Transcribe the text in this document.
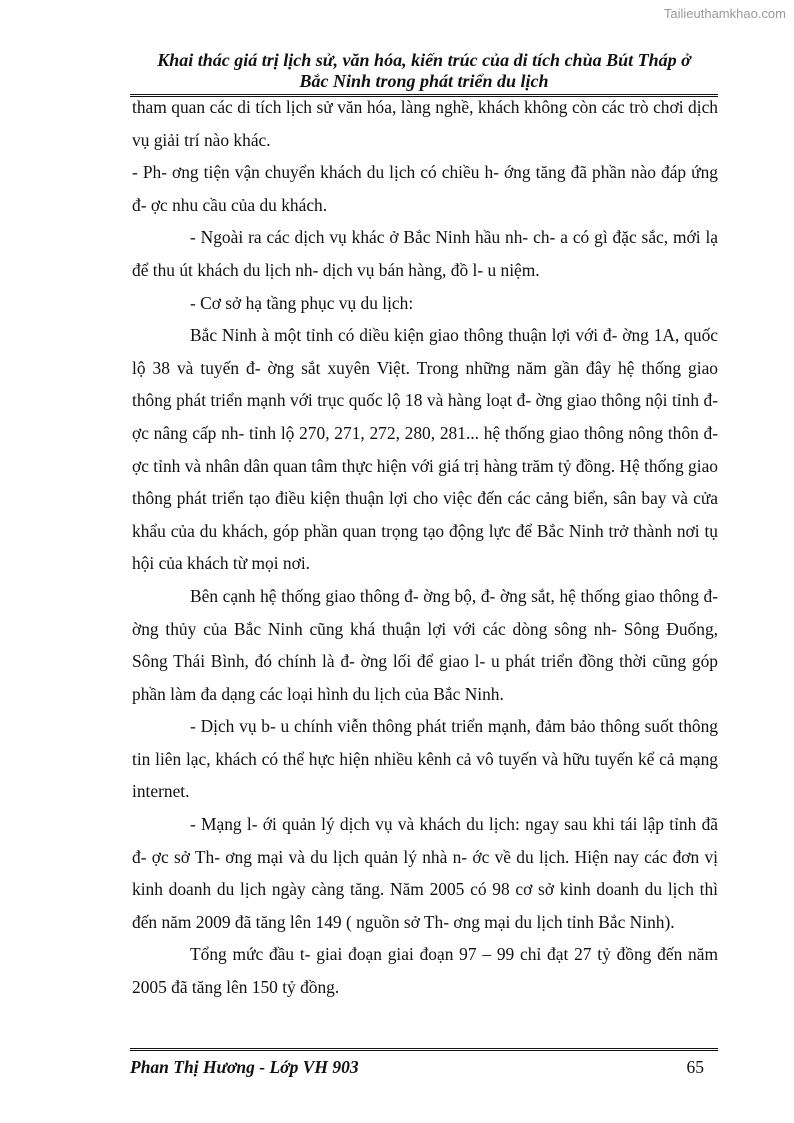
Tailieuthamkhao.com
Khai thác giá trị lịch sử, văn hóa, kiến trúc của di tích chùa Bút Tháp ở
Bắc Ninh trong phát triển du lịch

tham quan các di tích lịch sử văn hóa, làng nghề, khách không còn các trò chơi dịch vụ giải trí nào khác.

- Ph- ơng tiện vận chuyển khách du lịch có chiều h- ớng tăng đã phần nào đáp ứng đ- ợc nhu cầu của du khách.

- Ngoài ra các dịch vụ khác ở Bắc Ninh hầu nh- ch- a có gì đặc sắc, mới lạ để thu út khách du lịch nh- dịch vụ bán hàng, đồ l- u niệm.

- Cơ sở hạ tầng phục vụ du lịch:

Bắc Ninh à một tỉnh có diều kiện giao thông thuận lợi với đ- ờng 1A, quốc lộ 38 và tuyến đ- ờng sắt xuyên Việt. Trong những năm gần đây hệ thống giao thông phát triển mạnh với trục quốc lộ 18 và hàng loạt đ- ờng giao thông nội tỉnh đ- ợc nâng cấp nh- tỉnh lộ 270, 271, 272, 280, 281... hệ thống giao thông nông thôn đ- ợc tỉnh và nhân dân quan tâm thực hiện với giá trị hàng trăm tỷ đồng. Hệ thống giao thông phát triển tạo điều kiện thuận lợi cho việc đến các cảng biển, sân bay và cửa khẩu của du khách, góp phần quan trọng tạo động lực để Bắc Ninh trở thành nơi tụ hội của khách từ mọi nơi.

Bên cạnh hệ thống giao thông đ- ờng bộ, đ- ờng sắt, hệ thống giao thông đ- ờng thủy của Bắc Ninh cũng khá thuận lợi với các dòng sông nh- Sông Đuống, Sông Thái Bình, đó chính là đ- ờng lối để giao l- u phát triển đồng thời cũng góp phần làm đa dạng các loại hình du lịch của Bắc Ninh.

- Dịch vụ b- u chính viễn thông phát triển mạnh, đảm bảo thông suốt thông tin liên lạc, khách có thể hực hiện nhiều kênh cả vô tuyến và hữu tuyến kể cả mạng internet.

- Mạng l- ới quản lý dịch vụ và khách du lịch: ngay sau khi tái lập tỉnh đã đ- ợc sở Th- ơng mại và du lịch quản lý nhà n- ớc về du lịch. Hiện nay các đơn vị kinh doanh du lịch ngày càng tăng. Năm 2005 có 98 cơ sở kinh doanh du lịch thì đến năm 2009 đã tăng lên 149 ( nguồn sở Th- ơng mại du lịch tỉnh Bắc Ninh).

Tổng mức đầu t- giai đoạn giai đoạn 97 – 99 chỉ đạt 27 tỷ đồng đến năm 2005 đã tăng lên 150 tỷ đồng.

Phan Thị Hương - Lớp VH 903	65
